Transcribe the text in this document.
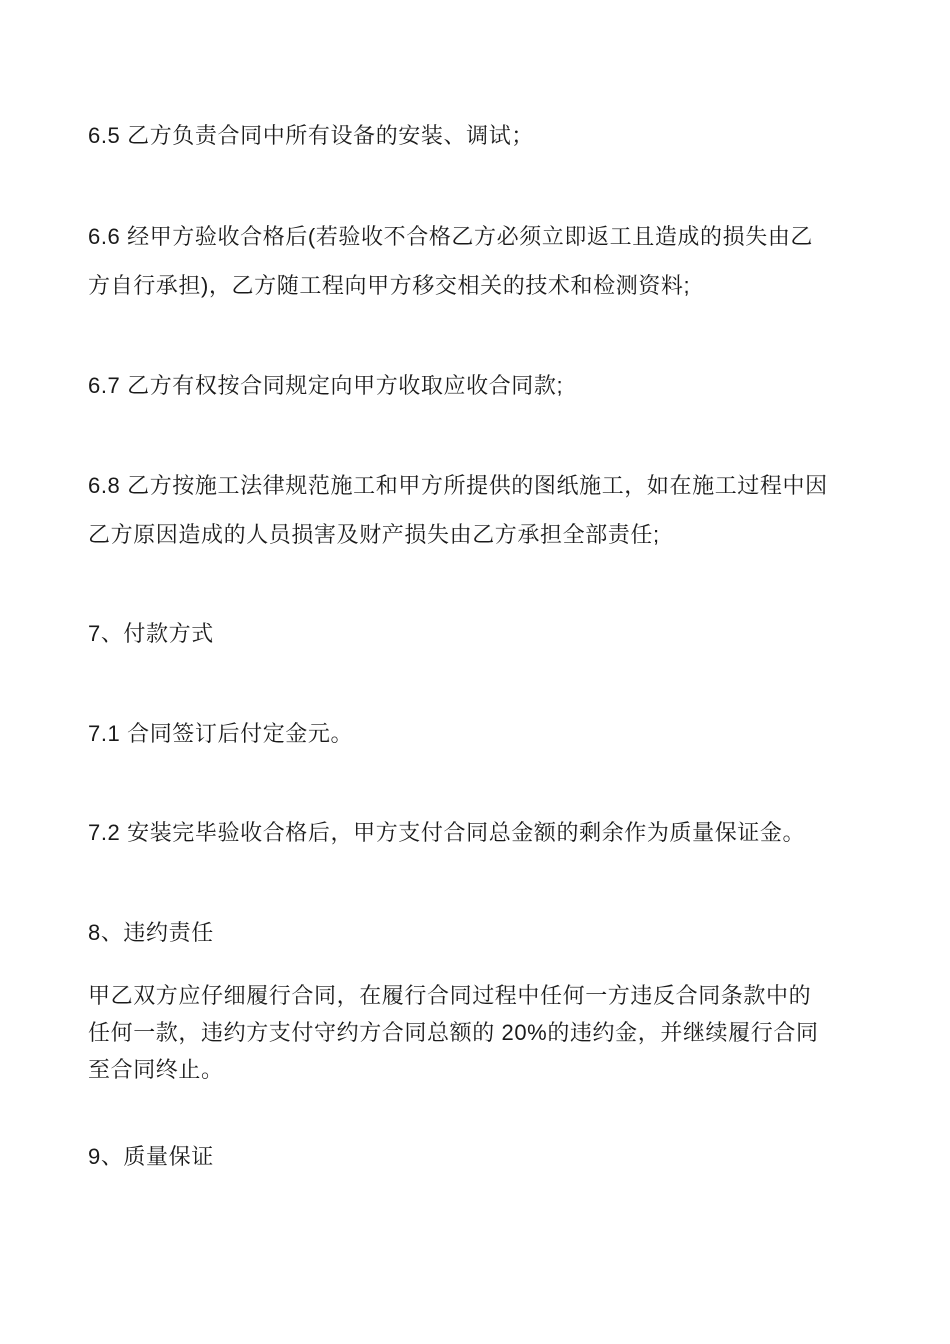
6.5 乙方负责合同中所有设备的安装、调试；

6.6 经甲方验收合格后(若验收不合格乙方必须立即返工且造成的损失由乙
方自行承担)，乙方随工程向甲方移交相关的技术和检测资料;

6.7 乙方有权按合同规定向甲方收取应收合同款;

6.8 乙方按施工法律规范施工和甲方所提供的图纸施工，如在施工过程中因
乙方原因造成的人员损害及财产损失由乙方承担全部责任;

7、付款方式

7.1 合同签订后付定金元。

7.2 安装完毕验收合格后，甲方支付合同总金额的剩余作为质量保证金。

8、违约责任

甲乙双方应仔细履行合同，在履行合同过程中任何一方违反合同条款中的
任何一款，违约方支付守约方合同总额的 20%的违约金，并继续履行合同
至合同终止。

9、质量保证
